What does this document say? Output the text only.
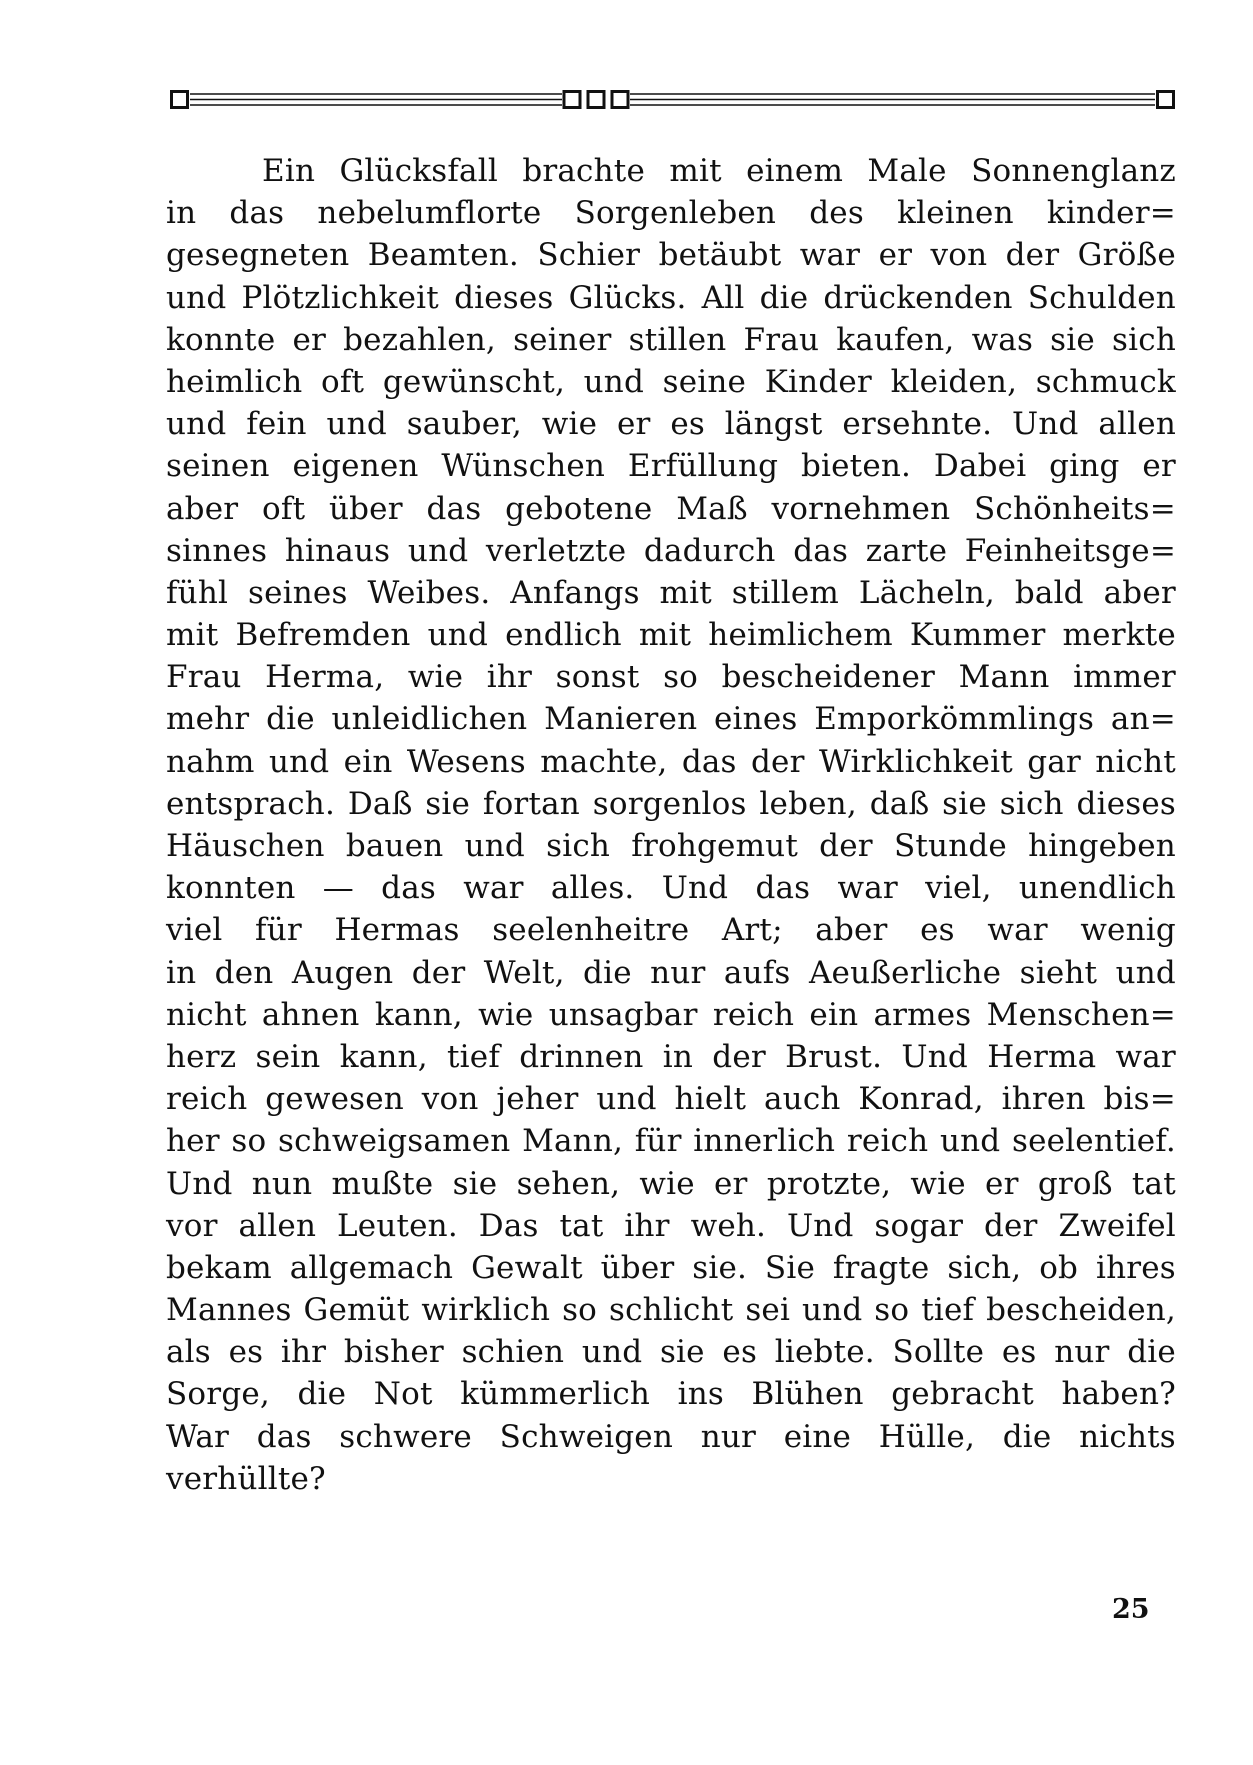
Ein Glücksfall brachte mit einem Male Sonnenglanz
in das nebelumflorte Sorgenleben des kleinen kinder=
gesegneten Beamten. Schier betäubt war er von der Größe
und Plötzlichkeit dieses Glücks. All die drückenden Schulden
konnte er bezahlen, seiner stillen Frau kaufen, was sie sich
heimlich oft gewünscht, und seine Kinder kleiden, schmuck
und fein und sauber, wie er es längst ersehnte. Und allen
seinen eigenen Wünschen Erfüllung bieten. Dabei ging er
aber oft über das gebotene Maß vornehmen Schönheits=
sinnes hinaus und verletzte dadurch das zarte Feinheitsge=
fühl seines Weibes. Anfangs mit stillem Lächeln, bald aber
mit Befremden und endlich mit heimlichem Kummer merkte
Frau Herma, wie ihr sonst so bescheidener Mann immer
mehr die unleidlichen Manieren eines Emporkömmlings an=
nahm und ein Wesens machte, das der Wirklichkeit gar nicht
entsprach. Daß sie fortan sorgenlos leben, daß sie sich dieses
Häuschen bauen und sich frohgemut der Stunde hingeben
konnten — das war alles. Und das war viel, unendlich
viel für Hermas seelenheitre Art; aber es war wenig
in den Augen der Welt, die nur aufs Aeußerliche sieht und
nicht ahnen kann, wie unsagbar reich ein armes Menschen=
herz sein kann, tief drinnen in der Brust. Und Herma war
reich gewesen von jeher und hielt auch Konrad, ihren bis=
her so schweigsamen Mann, für innerlich reich und seelentief.
Und nun mußte sie sehen, wie er protzte, wie er groß tat
vor allen Leuten. Das tat ihr weh. Und sogar der Zweifel
bekam allgemach Gewalt über sie. Sie fragte sich, ob ihres
Mannes Gemüt wirklich so schlicht sei und so tief bescheiden,
als es ihr bisher schien und sie es liebte. Sollte es nur die
Sorge, die Not kümmerlich ins Blühen gebracht haben?
War das schwere Schweigen nur eine Hülle, die nichts
verhüllte?
25
